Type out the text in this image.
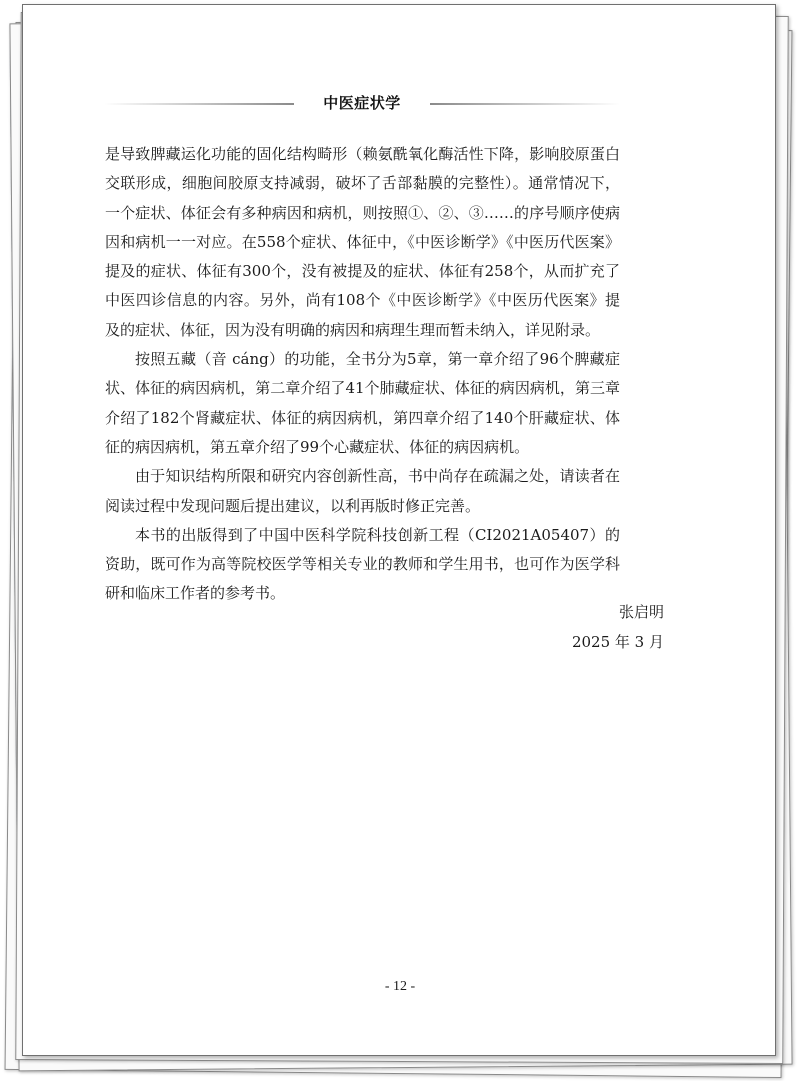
中医症状学

是导致脾藏运化功能的固化结构畸形（赖氨酰氧化酶活性下降，影响胶原蛋白交联形成，细胞间胶原支持减弱，破坏了舌部黏膜的完整性）。通常情况下，一个症状、体征会有多种病因和病机，则按照①、②、③……的序号顺序使病因和病机一一对应。在558个症状、体征中，《中医诊断学》《中医历代医案》提及的症状、体征有300个，没有被提及的症状、体征有258个，从而扩充了中医四诊信息的内容。另外，尚有108个《中医诊断学》《中医历代医案》提及的症状、体征，因为没有明确的病因和病理生理而暂未纳入，详见附录。

按照五藏（音 cáng）的功能，全书分为5章，第一章介绍了96个脾藏症状、体征的病因病机，第二章介绍了41个肺藏症状、体征的病因病机，第三章介绍了182个肾藏症状、体征的病因病机，第四章介绍了140个肝藏症状、体征的病因病机，第五章介绍了99个心藏症状、体征的病因病机。

由于知识结构所限和研究内容创新性高，书中尚存在疏漏之处，请读者在阅读过程中发现问题后提出建议，以利再版时修正完善。

本书的出版得到了中国中医科学院科技创新工程（CI2021A05407）的资助，既可作为高等院校医学等相关专业的教师和学生用书，也可作为医学科研和临床工作者的参考书。

张启明
2025 年 3 月
- 12 -
